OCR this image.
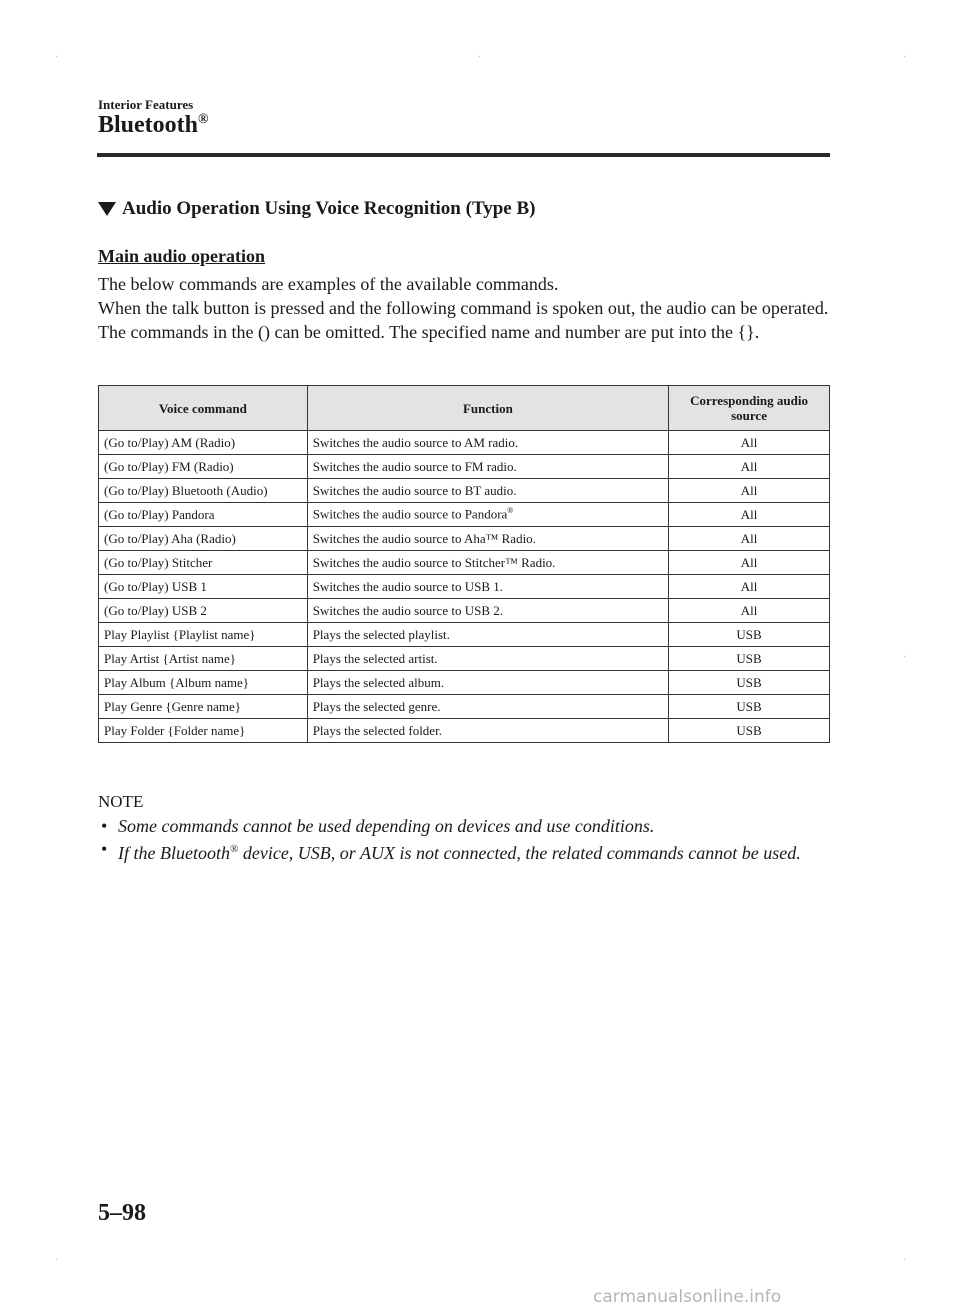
·	·	·
·
·	·
Interior Features
Bluetooth®
Audio Operation Using Voice Recognition (Type B)
Main audio operation

The below commands are examples of the available commands.

When the talk button is pressed and the following command is spoken out, the audio can be operated. The commands in the () can be omitted. The specified name and number are put into the {}.

Voice command	Function	Corresponding audio source
(Go to/Play) AM (Radio)	Switches the audio source to AM radio.	All
(Go to/Play) FM (Radio)	Switches the audio source to FM radio.	All
(Go to/Play) Bluetooth (Audio)	Switches the audio source to BT audio.	All
(Go to/Play) Pandora	Switches the audio source to Pandora®	All
(Go to/Play) Aha (Radio)	Switches the audio source to Aha™ Radio.	All
(Go to/Play) Stitcher	Switches the audio source to Stitcher™ Radio.	All
(Go to/Play) USB 1	Switches the audio source to USB 1.	All
(Go to/Play) USB 2	Switches the audio source to USB 2.	All
Play Playlist {Playlist name}	Plays the selected playlist.	USB
Play Artist {Artist name}	Plays the selected artist.	USB
Play Album {Album name}	Plays the selected album.	USB
Play Genre {Genre name}	Plays the selected genre.	USB
Play Folder {Folder name}	Plays the selected folder.	USB
NOTE
• Some commands cannot be used depending on devices and use conditions.
• If the Bluetooth® device, USB, or AUX is not connected, the related commands cannot be used.
5–98
carmanualsonline.info
